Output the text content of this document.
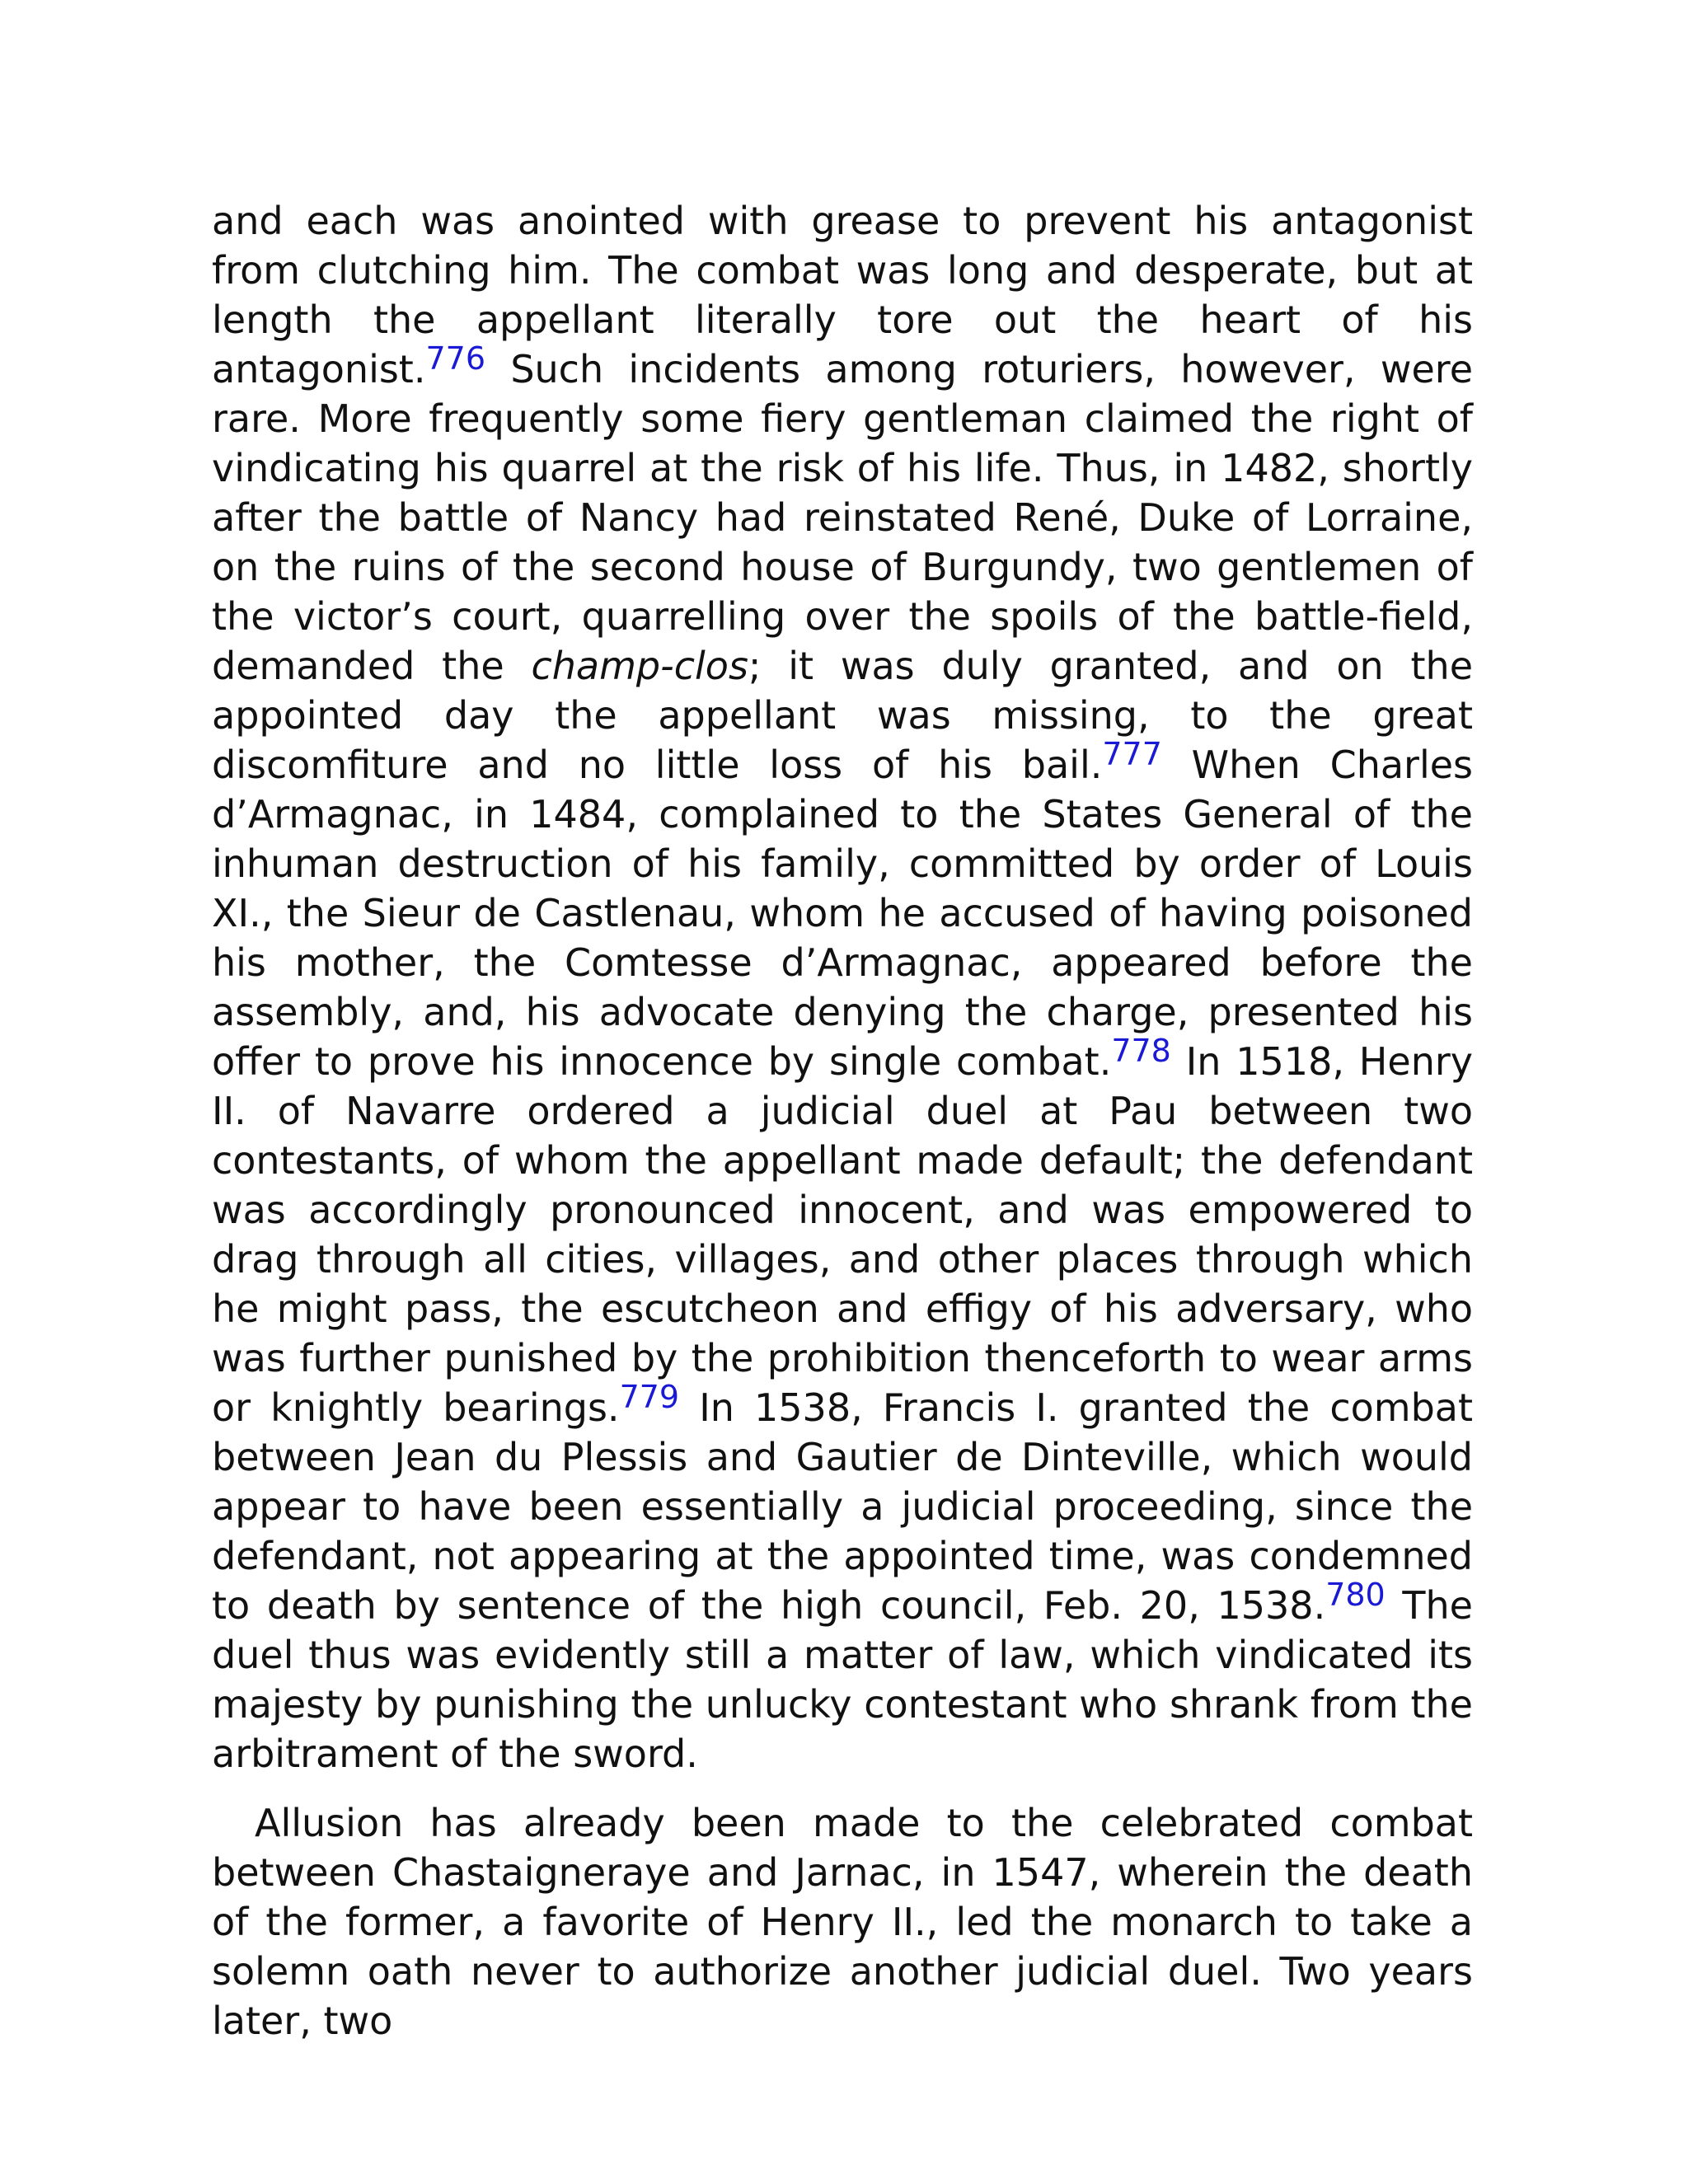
and each was anointed with grease to prevent his antagonist from clutching him. The combat was long and desperate, but at length the appellant literally tore out the heart of his antagonist.$^{776}$ Such incidents among roturiers, however, were rare. More frequently some fiery gentleman claimed the right of vindicating his quarrel at the risk of his life. Thus, in 1482, shortly after the battle of Nancy had reinstated René, Duke of Lorraine, on the ruins of the second house of Burgundy, two gentlemen of the victor’s court, quarrelling over the spoils of the battle-field, demanded the champ-clos; it was duly granted, and on the appointed day the appellant was missing, to the great discomfiture and no little loss of his bail.$^{777}$ When Charles d’Armagnac, in 1484, complained to the States General of the inhuman destruction of his family, committed by order of Louis XI., the Sieur de Castlenau, whom he accused of having poisoned his mother, the Comtesse d’Armagnac, appeared before the assembly, and, his advocate denying the charge, presented his offer to prove his innocence by single combat.$^{778}$ In 1518, Henry II. of Navarre ordered a judicial duel at Pau between two contestants, of whom the appellant made default; the defendant was accordingly pronounced innocent, and was empowered to drag through all cities, villages, and other places through which he might pass, the escutcheon and effigy of his adversary, who was further punished by the prohibition thenceforth to wear arms or knightly bearings.$^{779}$ In 1538, Francis I. granted the combat between Jean du Plessis and Gautier de Dinteville, which would appear to have been essentially a judicial proceeding, since the defendant, not appearing at the appointed time, was condemned to death by sentence of the high council, Feb. 20, 1538.$^{780}$ The duel thus was evidently still a matter of law, which vindicated its majesty by punishing the unlucky contestant who shrank from the arbitrament of the sword.

Allusion has already been made to the celebrated combat between Chastaigneraye and Jarnac, in 1547, wherein the death of the former, a favorite of Henry II., led the monarch to take a solemn oath never to authorize another judicial duel. Two years later, two
